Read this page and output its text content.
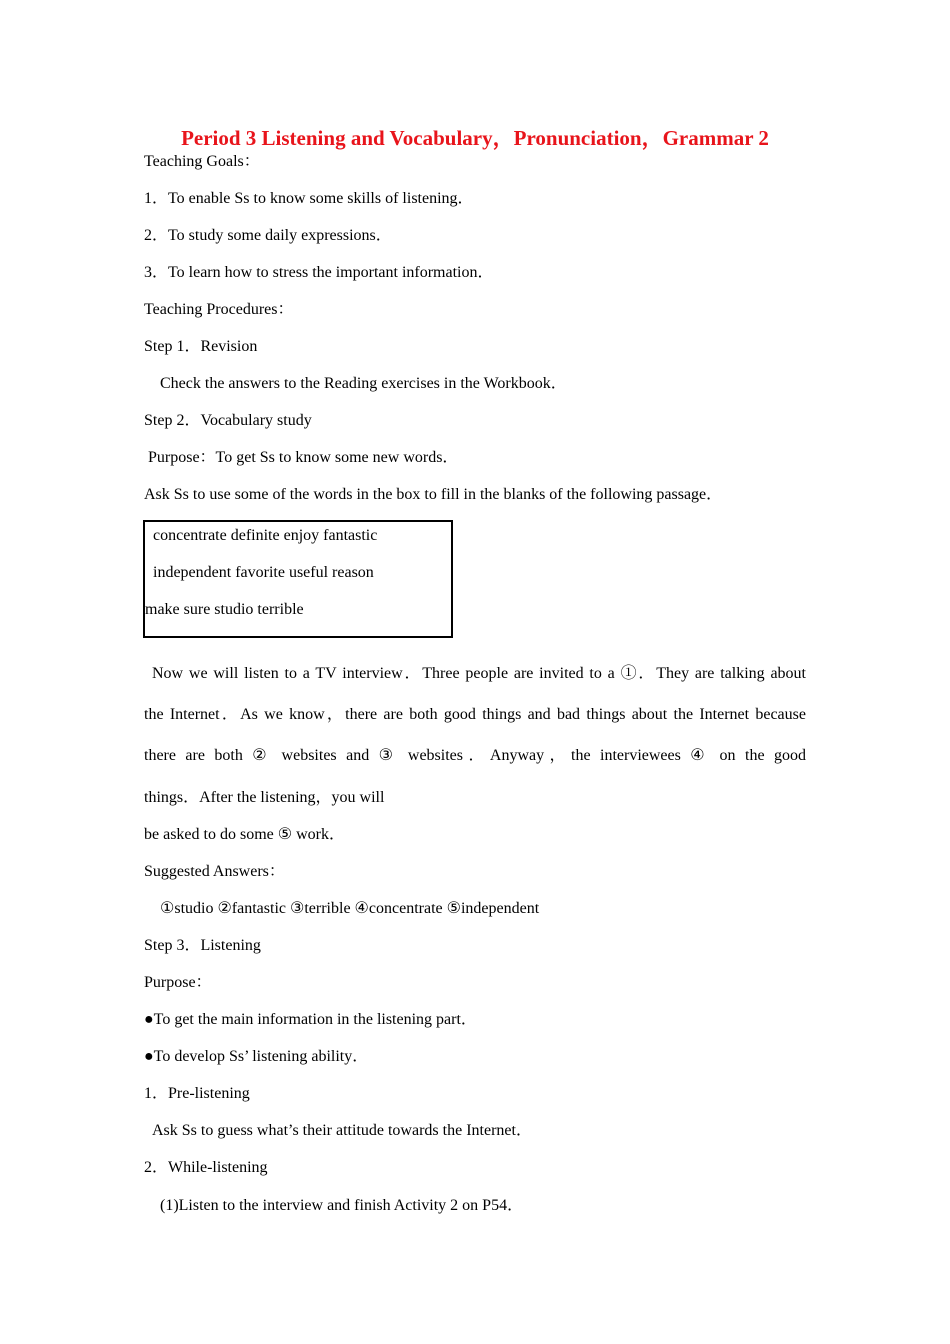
Period 3 Listening and Vocabulary，Pronunciation，Grammar 2
Teaching Goals：
1．To enable Ss to know some skills of listening．
2．To study some daily expressions．
3．To learn how to stress the important information．
Teaching Procedures：
Step 1．Revision
Check the answers to the Reading exercises in the Workbook．
Step 2．Vocabulary study
Purpose：To get Ss to know some new words．
Ask Ss to use some of the words in the box to fill in the blanks of the following passage．
concentrate definite enjoy fantastic
independent favorite useful reason
make sure studio terrible
Now we will listen to a TV interview．Three people are invited to a ①．They are talking about
the Internet．As we know，there are both good things and bad things about the Internet because
there are both ② websites and ③ websites．Anyway，the interviewees ④ on the good
things．After the listening，you will
be asked to do some ⑤ work．
Suggested Answers：
①studio ②fantastic ③terrible ④concentrate ⑤independent
Step 3．Listening
Purpose：
●To get the main information in the listening part．
●To develop Ss’ listening ability．
1．Pre-listening
Ask Ss to guess what’s their attitude towards the Internet．
2．While-listening
(1)Listen to the interview and finish Activity 2 on P54．
